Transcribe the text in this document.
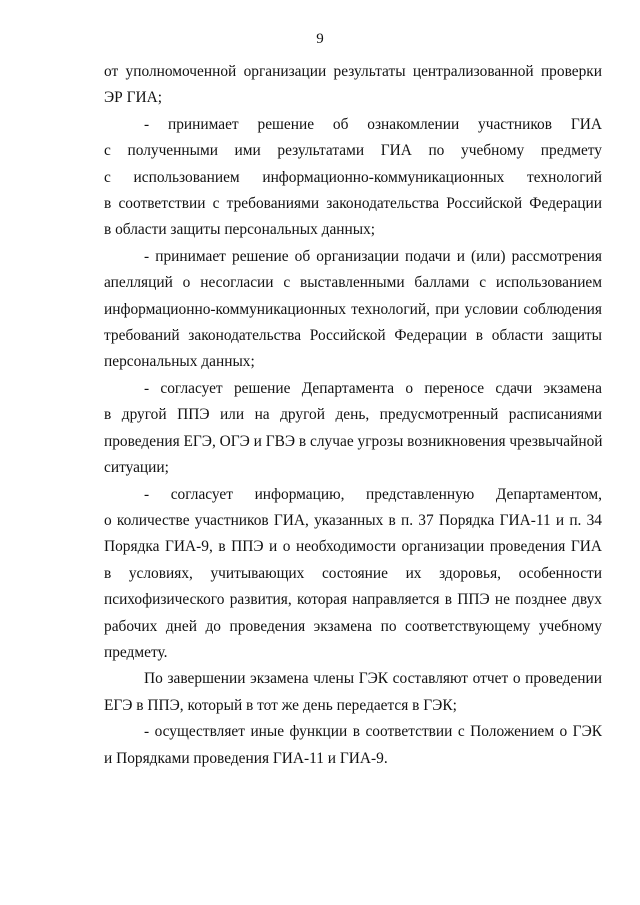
9
от уполномоченной организации результаты централизованной проверки
ЭР ГИА;
- принимает решение об ознакомлении участников ГИА
с полученными ими результатами ГИА по учебному предмету
с использованием информационно-коммуникационных технологий
в соответствии с требованиями законодательства Российской Федерации
в области защиты персональных данных;
- принимает решение об организации подачи и (или) рассмотрения
апелляций о несогласии с выставленными баллами с использованием
информационно-коммуникационных технологий, при условии соблюдения
требований законодательства Российской Федерации в области защиты
персональных данных;
- согласует решение Департамента о переносе сдачи экзамена
в другой ППЭ или на другой день, предусмотренный расписаниями
проведения ЕГЭ, ОГЭ и ГВЭ в случае угрозы возникновения чрезвычайной
ситуации;
- согласует информацию, представленную Департаментом,
о количестве участников ГИА, указанных в п. 37 Порядка ГИА-11 и п. 34
Порядка ГИА-9, в ППЭ и о необходимости организации проведения ГИА
в условиях, учитывающих состояние их здоровья, особенности
психофизического развития, которая направляется в ППЭ не позднее двух
рабочих дней до проведения экзамена по соответствующему учебному
предмету.
По завершении экзамена члены ГЭК составляют отчет о проведении
ЕГЭ в ППЭ, который в тот же день передается в ГЭК;
- осуществляет иные функции в соответствии с Положением о ГЭК
и Порядками проведения ГИА-11 и ГИА-9.
